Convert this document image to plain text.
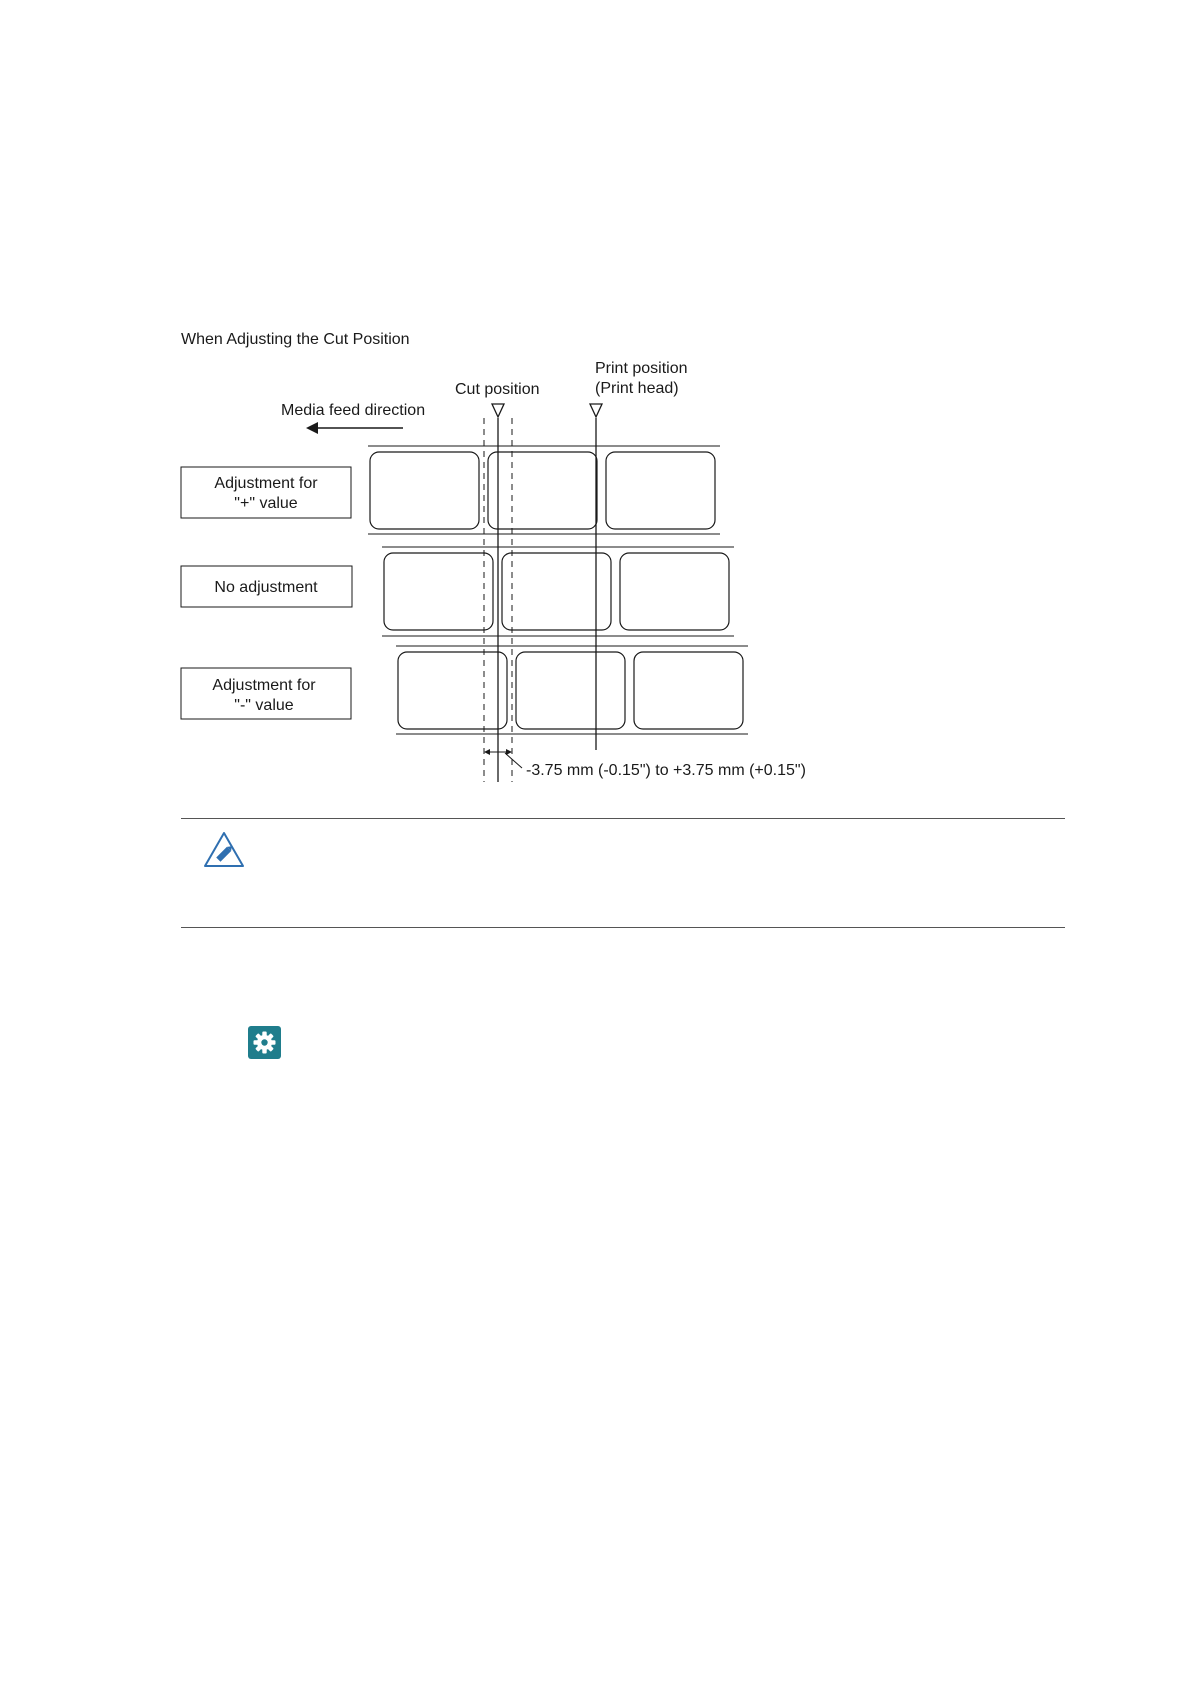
When Adjusting the Cut Position
Media feed direction
Cut position
Print position
(Print head)
Adjustment for
"+" value
No adjustment
Adjustment for
"-" value
-3.75 mm (-0.15") to +3.75 mm (+0.15")
